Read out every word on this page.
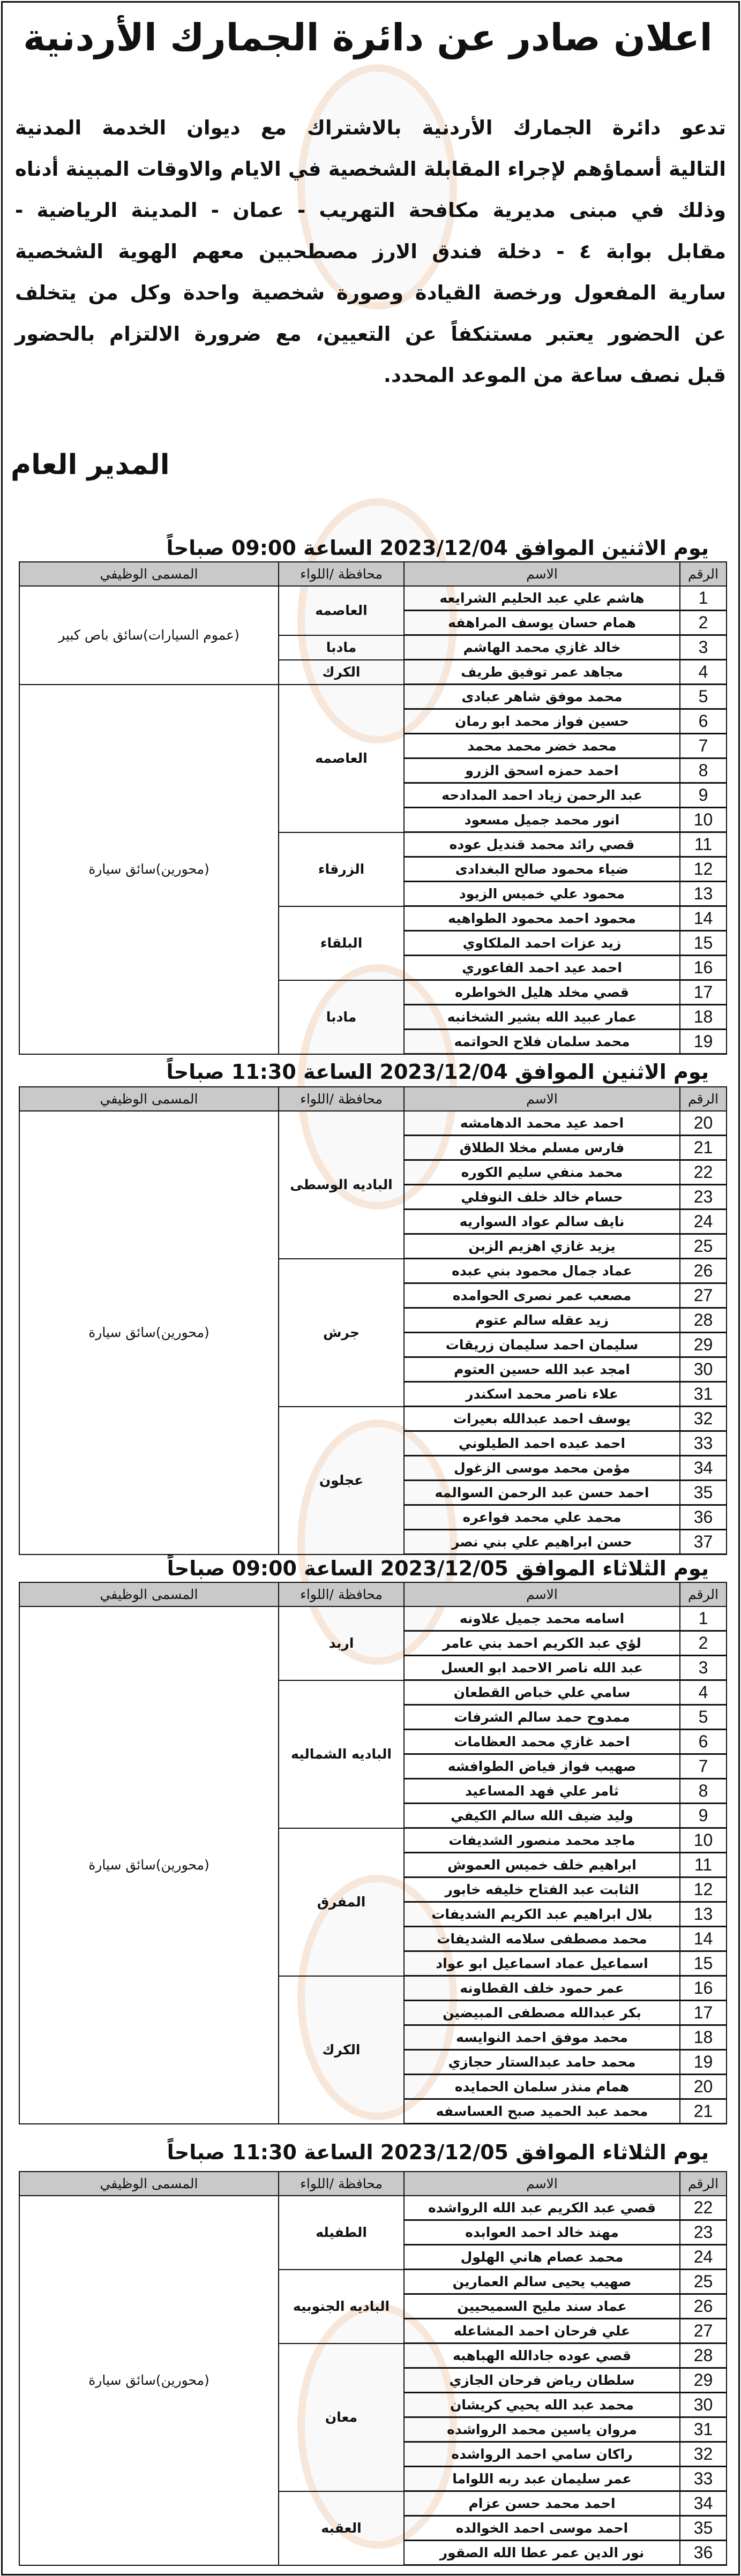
اعلان صادر عن دائرة الجمارك الأردنية
تدعو دائرة الجمارك الأردنية بالاشتراك مع ديوان الخدمة المدنية
التالية أسماؤهم لإجراء المقابلة الشخصية في الايام والاوقات المبينة أدناه
وذلك في مبنى مديرية مكافحة التهريب - عمان - المدينة الرياضية -
مقابل بوابة ٤ - دخلة فندق الارز مصطحبين معهم الهوية الشخصية
سارية المفعول ورخصة القيادة وصورة شخصية واحدة وكل من يتخلف
عن الحضور يعتبر مستنكفاً عن التعيين، مع ضرورة الالتزام بالحضور
قبل نصف ساعة من الموعد المحدد.
المدير العام
يوم الاثنين الموافق 2023/12/04 الساعة 09:00 صباحاً
الرقم	الاسم	محافظة /اللواء	المسمى الوظيفي
1	هاشم علي عبد الحليم الشرايعه	العاصمه	(عموم السيارات)سائق باص كبير
2	همام حسان يوسف المراهفه		
3	خالد غازي محمد الهاشم	مادبا	
4	مجاهد عمر توفيق طريف	الكرك	
5	محمد موفق شاهر عبادى	العاصمه	(محورين)سائق سيارة
6	حسين فواز محمد ابو رمان		
7	محمد خضر محمد محمد		
8	احمد حمزه اسحق الزرو		
9	عبد الرحمن زياد احمد المدادحه		
10	انور محمد جميل مسعود		
11	قصي رائد محمد قنديل عوده	الزرقاء	
12	ضياء محمود صالح البغدادى		
13	محمود علي خميس الزيود		
14	محمود احمد محمود الطواهيه	البلقاء	
15	زيد عزات احمد الملكاوي		
16	احمد عيد احمد الفاعوري		
17	قصي مخلد هليل الخواطره	مادبا	
18	عمار عبيد الله بشير الشخانبه		
19	محمد سلمان فلاح الحواتمه		
يوم الاثنين الموافق 2023/12/04 الساعة 11:30 صباحاً
الرقم	الاسم	محافظة /اللواء	المسمى الوظيفي
20	احمد عيد محمد الدهامشه	الباديه الوسطى	(محورين)سائق سيارة
21	فارس مسلم مخلا الطلاق		
22	محمد منفي سليم الكوره		
23	حسام خالد خلف النوفلي		
24	نايف سالم عواد السواريه		
25	يزيد غازي اهزيم الزبن		
26	عماد جمال محمود بني عبده	جرش	
27	مصعب عمر نصرى الحوامده		
28	زيد عقله سالم عتوم		
29	سليمان احمد سليمان زريقات		
30	امجد عبد الله حسين العتوم		
31	علاء ناصر محمد اسكندر		
32	يوسف احمد عبدالله بعيرات	عجلون	
33	احمد عبده احمد الطيلوني		
34	مؤمن محمد موسى الزغول		
35	احمد حسن عبد الرحمن السوالمه		
36	محمد علي محمد فواعره		
37	حسن ابراهيم علي بني نصر		
يوم الثلاثاء الموافق 2023/12/05 الساعة 09:00 صباحاً
الرقم	الاسم	محافظة /اللواء	المسمى الوظيفي
1	اسامه محمد جميل علاونه	اربد	(محورين)سائق سيارة
2	لؤي عبد الكريم احمد بني عامر		
3	عبد الله ناصر الاحمد ابو العسل		
4	سامي علي خباص القطعان	الباديه الشماليه	
5	ممدوح حمد سالم الشرفات		
6	احمد غازي محمد العظامات		
7	صهيب فواز فياض الطوافشه		
8	ثامر علي فهد المساعيد		
9	وليد ضيف الله سالم الكيفي		
10	ماجد محمد منصور الشديفات	المفرق	
11	ابراهيم خلف خميس العموش		
12	الثابت عبد الفتاح خليفه خابور		
13	بلال ابراهيم عبد الكريم الشديفات		
14	محمد مصطفى سلامه الشديفات		
15	اسماعيل عماد اسماعيل ابو عواد		
16	عمر حمود خلف القطاونه	الكرك	
17	بكر عبدالله مصطفى المبيضين		
18	محمد موفق احمد النوايسه		
19	محمد حامد عبدالستار حجازي		
20	همام منذر سلمان الحمايده		
21	محمد عبد الحميد صبح العساسفه		
يوم الثلاثاء الموافق 2023/12/05 الساعة 11:30 صباحاً
الرقم	الاسم	محافظة /اللواء	المسمى الوظيفي
22	قصي عبد الكريم عبد الله الرواشده	الطفيله	(محورين)سائق سيارة
23	مهند خالد احمد العوابده		
24	محمد عصام هاني الهلول		
25	صهيب يحيى سالم العمارين	الباديه الجنوبيه	
26	عماد سند مليح السميحيين		
27	علي فرحان احمد المشاعله		
28	قصي عوده جادالله الهباهبه	معان	
29	سلطان رياض فرحان الجازي		
30	محمد عبد الله يحيي كريشان		
31	مروان ياسين محمد الرواشده		
32	راكان سامي احمد الرواشده		
33	عمر سليمان عبد ربه اللواما		
34	احمد محمد حسن عزام	العقبه	
35	احمد موسى احمد الخوالده		
36	نور الدين عمر عطا الله الصقور		
